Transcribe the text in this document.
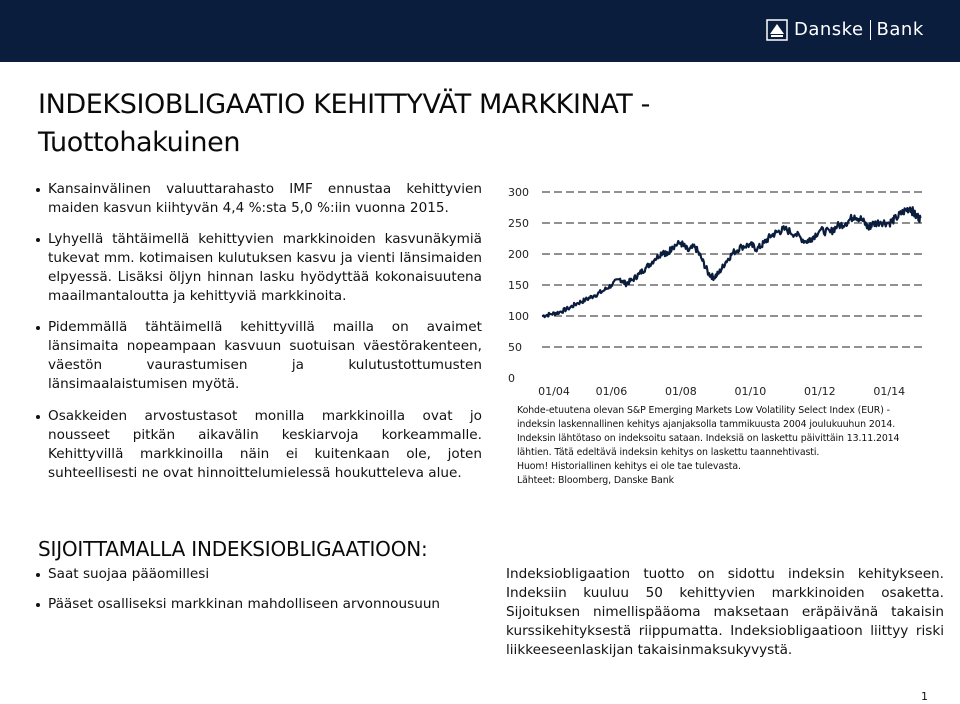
Danske Bank
INDEKSIOBLIGAATIO KEHITTYVÄT MARKKINAT -
Tuottohakuinen

Kansainvälinen valuuttarahasto IMF ennustaa kehittyvien maiden kasvun kiihtyvän 4,4 %:sta 5,0 %:iin vuonna 2015.

Lyhyellä tähtäimellä kehittyvien markkinoiden kasvunäkymiä tukevat mm. kotimaisen kulutuksen kasvu ja vienti länsimaiden elpyessä. Lisäksi öljyn hinnan lasku hyödyttää kokonaisuutena maailmantaloutta ja kehittyviä markkinoita.

Pidemmällä tähtäimellä kehittyvillä mailla on avaimet länsimaita nopeampaan kasvuun suotuisan väestörakenteen, väestön vaurastumisen ja kulutustottumusten länsimaalaistumisen myötä.

Osakkeiden arvostustasot monilla markkinoilla ovat jo nousseet pitkän aikavälin keskiarvoja korkeammalle. Kehittyvillä markkinoilla näin ei kuitenkaan ole, joten suhteellisesti ne ovat hinnoittelumielessä houkutteleva alue.

300
250
200
150
100
50
0
01/04 01/06	01/08	01/10	01/12	01/14
Kohde-etuutena olevan S&P Emerging Markets Low Volatility Select Index (EUR) -
indeksin laskennallinen kehitys ajanjaksolla tammikuusta 2004 joulukuuhun 2014.
Indeksin lähtötaso on indeksoitu sataan. Indeksiä on laskettu päivittäin 13.11.2014
lähtien. Tätä edeltävä indeksin kehitys on laskettu taannehtivasti.
Huom! Historiallinen kehitys ei ole tae tulevasta.
Lähteet: Bloomberg, Danske Bank
SIJOITTAMALLA INDEKSIOBLIGAATIOON:

Saat suojaa pääomillesi

Pääset osalliseksi markkinan mahdolliseen arvonnousuun

Indeksiobligaation tuotto on sidottu indeksin kehitykseen. Indeksiin kuuluu 50 kehittyvien markkinoiden osaketta. Sijoituksen nimellispääoma maksetaan eräpäivänä takaisin kurssikehityksestä riippumatta. Indeksiobligaatioon liittyy riski liikkeeseenlaskijan takaisinmaksukyvystä.

1
